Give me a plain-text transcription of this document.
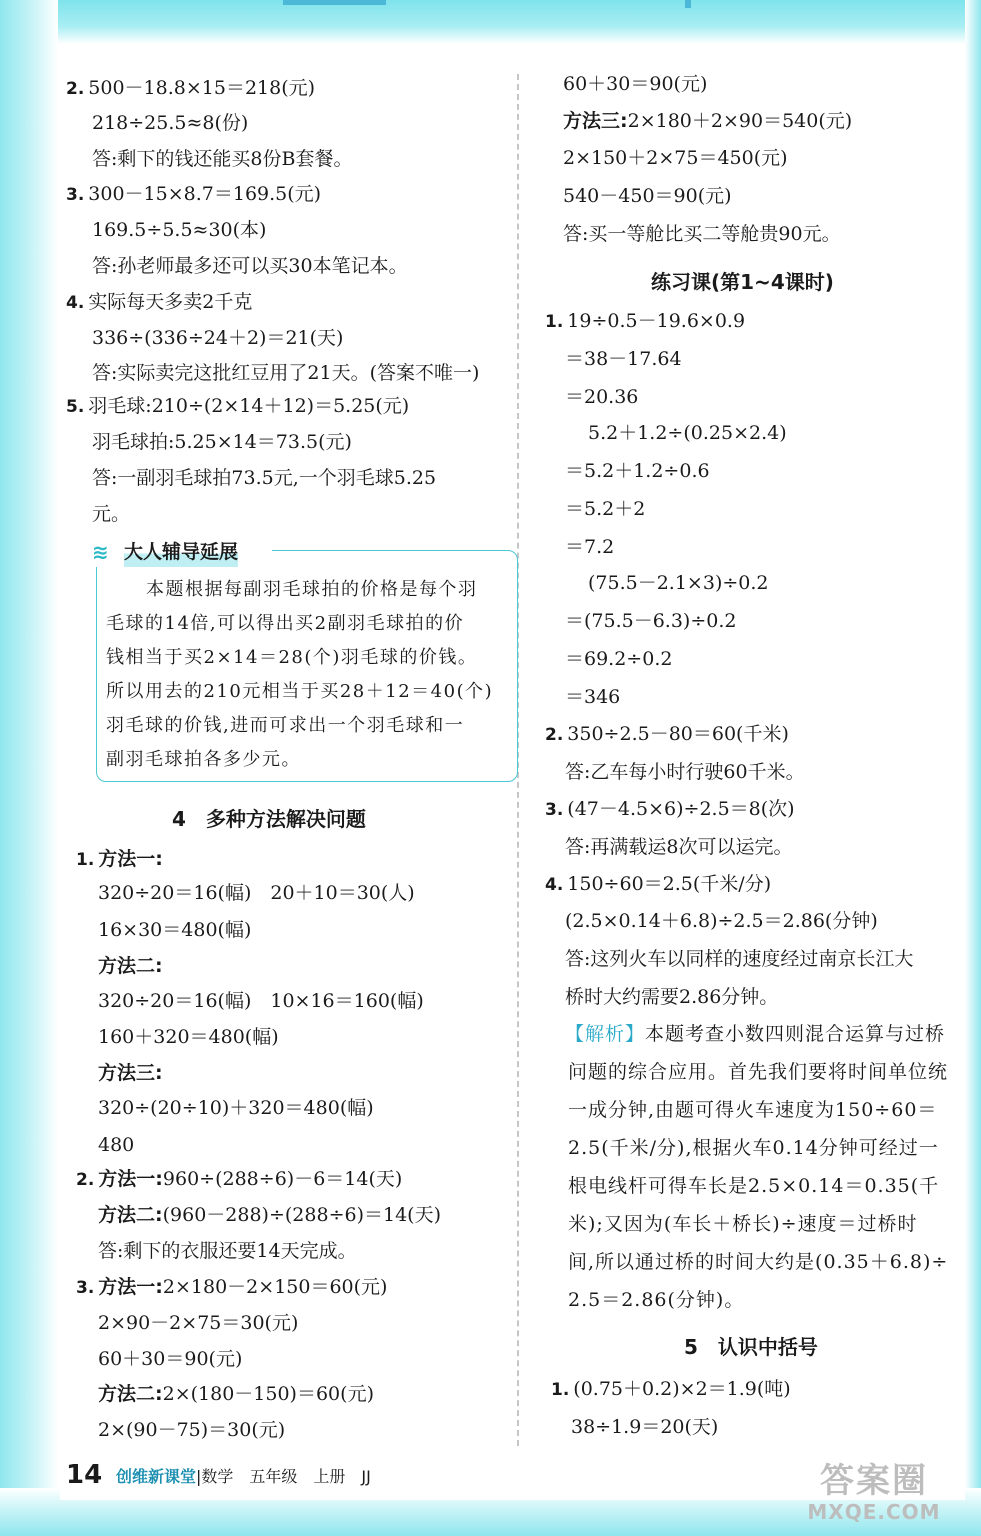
≋ 大人辅导延展
4　多种方法解决问题
练习课(第1~4课时)
5　认识中括号
14 创维新课堂|数学　五年级　上册　JJ	答案圈
MXQE.COM
2. 500－18.8×15＝218(元)
218÷25.5≈8(份)
答:剩下的钱还能买8份B套餐。
3. 300－15×8.7＝169.5(元)
169.5÷5.5≈30(本)
答:孙老师最多还可以买30本笔记本。
4. 实际每天多卖2千克
336÷(336÷24＋2)＝21(天)
答:实际卖完这批红豆用了21天。(答案不唯一)
5. 羽毛球:210÷(2×14＋12)＝5.25(元)
羽毛球拍:5.25×14＝73.5(元)
答:一副羽毛球拍73.5元,一个羽毛球5.25
元。
本题根据每副羽毛球拍的价格是每个羽
毛球的14倍,可以得出买2副羽毛球拍的价
钱相当于买2×14＝28(个)羽毛球的价钱。
所以用去的210元相当于买28＋12＝40(个)
羽毛球的价钱,进而可求出一个羽毛球和一
副羽毛球拍各多少元。
1. 方法一:
320÷20＝16(幅)　20＋10＝30(人)
16×30＝480(幅)
方法二:
320÷20＝16(幅)　10×16＝160(幅)
160＋320＝480(幅)
方法三:
320÷(20÷10)＋320＝480(幅)
480
2. 方法一:960÷(288÷6)－6＝14(天)
方法二:(960－288)÷(288÷6)＝14(天)
答:剩下的衣服还要14天完成。
3. 方法一:2×180－2×150＝60(元)
2×90－2×75＝30(元)
60＋30＝90(元)
方法二:2×(180－150)＝60(元)
2×(90－75)＝30(元)
60＋30＝90(元)
方法三:2×180＋2×90＝540(元)
2×150＋2×75＝450(元)
540－450＝90(元)
答:买一等舱比买二等舱贵90元。
1. 19÷0.5－19.6×0.9
＝38－17.64
＝20.36
5.2＋1.2÷(0.25×2.4)
＝5.2＋1.2÷0.6
＝5.2＋2
＝7.2
(75.5－2.1×3)÷0.2
＝(75.5－6.3)÷0.2
＝69.2÷0.2
＝346
2. 350÷2.5－80＝60(千米)
答:乙车每小时行驶60千米。
3. (47－4.5×6)÷2.5＝8(次)
答:再满载运8次可以运完。
4. 150÷60＝2.5(千米/分)
(2.5×0.14＋6.8)÷2.5＝2.86(分钟)
答:这列火车以同样的速度经过南京长江大
桥时大约需要2.86分钟。
【解析】本题考查小数四则混合运算与过桥
问题的综合应用。首先我们要将时间单位统
一成分钟,由题可得火车速度为150÷60＝
2.5(千米/分),根据火车0.14分钟可经过一
根电线杆可得车长是2.5×0.14＝0.35(千
米);又因为(车长＋桥长)÷速度＝过桥时
间,所以通过桥的时间大约是(0.35＋6.8)÷
2.5＝2.86(分钟)。
1. (0.75＋0.2)×2＝1.9(吨)
38÷1.9＝20(天)
